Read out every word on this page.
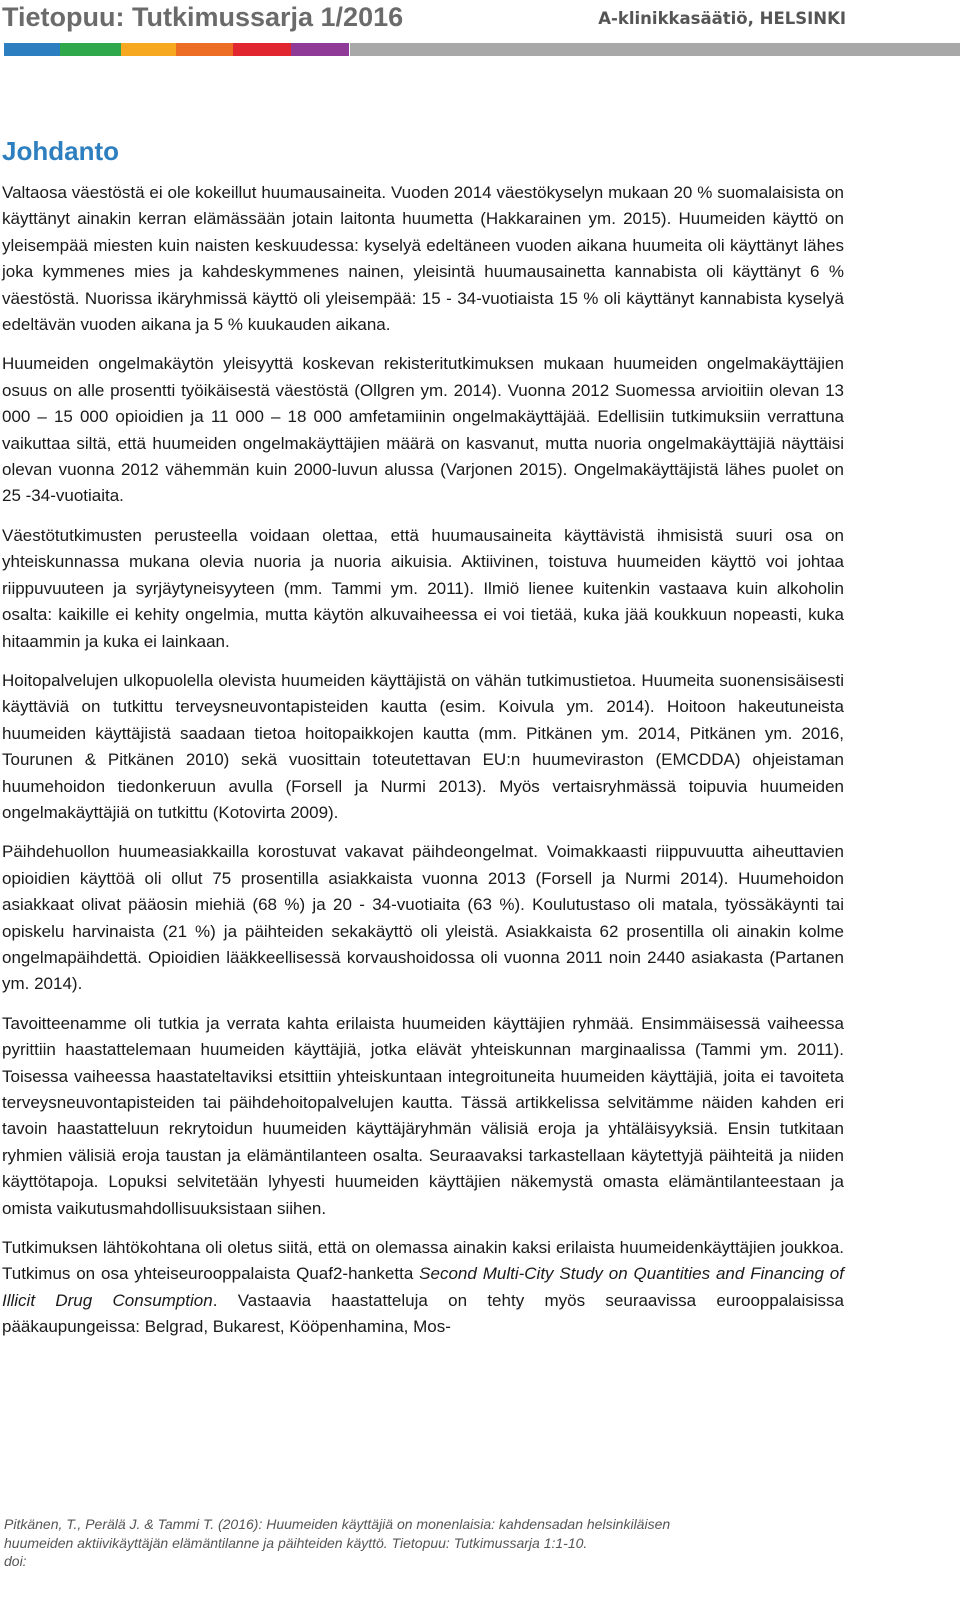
Tietopuu: Tutkimussarja 1/2016	A-klinikkasäätiö, HELSINKI
Johdanto

Valtaosa väestöstä ei ole kokeillut huumausaineita. Vuoden 2014 väestökyselyn mukaan 20 % suomalaisista on käyttänyt ainakin kerran elämässään jotain laitonta huumetta (Hakkarainen ym. 2015). Huumeiden käyttö on yleisempää miesten kuin naisten keskuudessa: kyselyä edeltäneen vuoden aikana huumeita oli käyttänyt lähes joka kymmenes mies ja kahdeskymmenes nainen, yleisintä huumausainetta kannabista oli käyttänyt 6 % väestöstä. Nuorissa ikäryhmissä käyttö oli yleisempää: 15 - 34-vuotiaista 15 % oli käyttänyt kannabista kyselyä edeltävän vuoden aikana ja 5 % kuukauden aikana.

Huumeiden ongelmakäytön yleisyyttä koskevan rekisteritutkimuksen mukaan huumeiden ongelmakäyttäjien osuus on alle prosentti työikäisestä väestöstä (Ollgren ym. 2014). Vuonna 2012 Suomessa arvioitiin olevan 13 000 – 15 000 opioidien ja 11 000 – 18 000 amfetamiinin ongelmakäyttäjää. Edellisiin tutkimuksiin verrattuna vaikuttaa siltä, että huumeiden ongelmakäyttäjien määrä on kasvanut, mutta nuoria ongelmakäyttäjiä näyttäisi olevan vuonna 2012 vähemmän kuin 2000-luvun alussa (Varjonen 2015). Ongelmakäyttäjistä lähes puolet on 25 -34-vuotiaita.

Väestötutkimusten perusteella voidaan olettaa, että huumausaineita käyttävistä ihmisistä suuri osa on yhteiskunnassa mukana olevia nuoria ja nuoria aikuisia. Aktiivinen, toistuva huumeiden käyttö voi johtaa riippuvuuteen ja syrjäytyneisyyteen (mm. Tammi ym. 2011). Ilmiö lienee kuitenkin vastaava kuin alkoholin osalta: kaikille ei kehity ongelmia, mutta käytön alkuvaiheessa ei voi tietää, kuka jää koukkuun nopeasti, kuka hitaammin ja kuka ei lainkaan.

Hoitopalvelujen ulkopuolella olevista huumeiden käyttäjistä on vähän tutkimustietoa. Huumeita suonensisäisesti käyttäviä on tutkittu terveysneuvontapisteiden kautta (esim. Koivula ym. 2014). Hoitoon hakeutuneista huumeiden käyttäjistä saadaan tietoa hoitopaikkojen kautta (mm. Pitkänen ym. 2014, Pitkänen ym. 2016, Tourunen & Pitkänen 2010) sekä vuosittain toteutettavan EU:n huumeviraston (EMCDDA) ohjeistaman huumehoidon tiedonkeruun avulla (Forsell ja Nurmi 2013). Myös vertaisryhmässä toipuvia huumeiden ongelmakäyttäjiä on tutkittu (Kotovirta 2009).

Päihdehuollon huumeasiakkailla korostuvat vakavat päihdeongelmat. Voimakkaasti riippuvuutta aiheuttavien opioidien käyttöä oli ollut 75 prosentilla asiakkaista vuonna 2013 (Forsell ja Nurmi 2014). Huumehoidon asiakkaat olivat pääosin miehiä (68 %) ja 20 - 34-vuotiaita (63 %). Koulutustaso oli matala, työssäkäynti tai opiskelu harvinaista (21 %) ja päihteiden sekakäyttö oli yleistä. Asiakkaista 62 prosentilla oli ainakin kolme ongelmapäihdettä. Opioidien lääkkeellisessä korvaushoidossa oli vuonna 2011 noin 2440 asiakasta (Partanen ym. 2014).

Tavoitteenamme oli tutkia ja verrata kahta erilaista huumeiden käyttäjien ryhmää. Ensimmäisessä vaiheessa pyrittiin haastattelemaan huumeiden käyttäjiä, jotka elävät yhteiskunnan marginaalissa (Tammi ym. 2011). Toisessa vaiheessa haastateltaviksi etsittiin yhteiskuntaan integroituneita huumeiden käyttäjiä, joita ei tavoiteta terveysneuvontapisteiden tai päihdehoitopalvelujen kautta. Tässä artikkelissa selvitämme näiden kahden eri tavoin haastatteluun rekrytoidun huumeiden käyttäjäryhmän välisiä eroja ja yhtäläisyyksiä. Ensin tutkitaan ryhmien välisiä eroja taustan ja elämäntilanteen osalta. Seuraavaksi tarkastellaan käytettyjä päihteitä ja niiden käyttötapoja. Lopuksi selvitetään lyhyesti huumeiden käyttäjien näkemystä omasta elämäntilanteestaan ja omista vaikutusmahdollisuuksistaan siihen.

Tutkimuksen lähtökohtana oli oletus siitä, että on olemassa ainakin kaksi erilaista huumeidenkäyttäjien joukkoa. Tutkimus on osa yhteiseurooppalaista Quaf2-hanketta Second Multi-City Study on Quantities and Financing of Illicit Drug Consumption. Vastaavia haastatteluja on tehty myös seuraavissa eurooppalaisissa pääkaupungeissa: Belgrad, Bukarest, Kööpenhamina, Mos-

Pitkänen, T., Perälä J. & Tammi T. (2016): Huumeiden käyttäjiä on monenlaisia: kahdensadan helsinkiläisen
huumeiden aktiivikäyttäjän elämäntilanne ja päihteiden käyttö. Tietopuu: Tutkimussarja 1:1-10.
doi:
